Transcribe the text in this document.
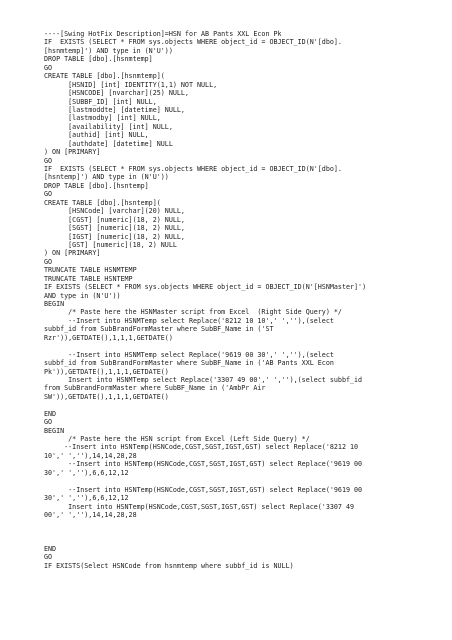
----[Swing HotFix Description]=HSN for AB Pants XXL Econ Pk
IF  EXISTS (SELECT * FROM sys.objects WHERE object_id = OBJECT_ID(N'[dbo].
[hsnmtemp]') AND type in (N'U'))
DROP TABLE [dbo].[hsnmtemp]
GO
CREATE TABLE [dbo].[hsnmtemp](
[HSNID] [int] IDENTITY(1,1) NOT NULL,
[HSNCODE] [nvarchar](25) NULL,
[SUBBF_ID] [int] NULL,
[lastmoddte] [datetime] NULL,
[lastmodby] [int] NULL,
[availability] [int] NULL,
[authid] [int] NULL,
[authdate] [datetime] NULL
) ON [PRIMARY]
GO
IF  EXISTS (SELECT * FROM sys.objects WHERE object_id = OBJECT_ID(N'[dbo].
[hsntemp]') AND type in (N'U'))
DROP TABLE [dbo].[hsntemp]
GO
CREATE TABLE [dbo].[hsntemp](
[HSNCode] [varchar](20) NULL,
[CGST] [numeric](18, 2) NULL,
[SGST] [numeric](18, 2) NULL,
[IGST] [numeric](18, 2) NULL,
[GST] [numeric](18, 2) NULL
) ON [PRIMARY]
GO
TRUNCATE TABLE HSNMTEMP
TRUNCATE TABLE HSNTEMP
IF EXISTS (SELECT * FROM sys.objects WHERE object_id = OBJECT_ID(N'[HSNMaster]')
AND type in (N'U'))
BEGIN
/* Paste here the HSNMaster script from Excel  (Right Side Query) */
--Insert into HSNMTemp select Replace('8212 10 10',' ',''),(select
subbf_id from SubBrandFormMaster where SubBF_Name in ('ST
Rzr')),GETDATE(),1,1,1,GETDATE()
--Insert into HSNMTemp select Replace('9619 00 30',' ',''),(select
subbf_id from SubBrandFormMaster where SubBF_Name in ('AB Pants XXL Econ
Pk')),GETDATE(),1,1,1,GETDATE()
Insert into HSNMTemp select Replace('3307 49 00',' ',''),(select subbf_id
from SubBrandFormMaster where SubBF_Name in ('AmbPr Air
SW')),GETDATE(),1,1,1,GETDATE()
END
GO
BEGIN
/* Paste here the HSN script from Excel (Left Side Query) */
--Insert into HSNTemp(HSNCode,CGST,SGST,IGST,GST) select Replace('8212 10
10',' ',''),14,14,28,28
--Insert into HSNTemp(HSNCode,CGST,SGST,IGST,GST) select Replace('9619 00
30',' ',''),6,6,12,12
--Insert into HSNTemp(HSNCode,CGST,SGST,IGST,GST) select Replace('9619 00
30',' ',''),6,6,12,12
Insert into HSNTemp(HSNCode,CGST,SGST,IGST,GST) select Replace('3307 49
00',' ',''),14,14,28,28
END
GO
IF EXISTS(Select HSNCode from hsnmtemp where subbf_id is NULL)
